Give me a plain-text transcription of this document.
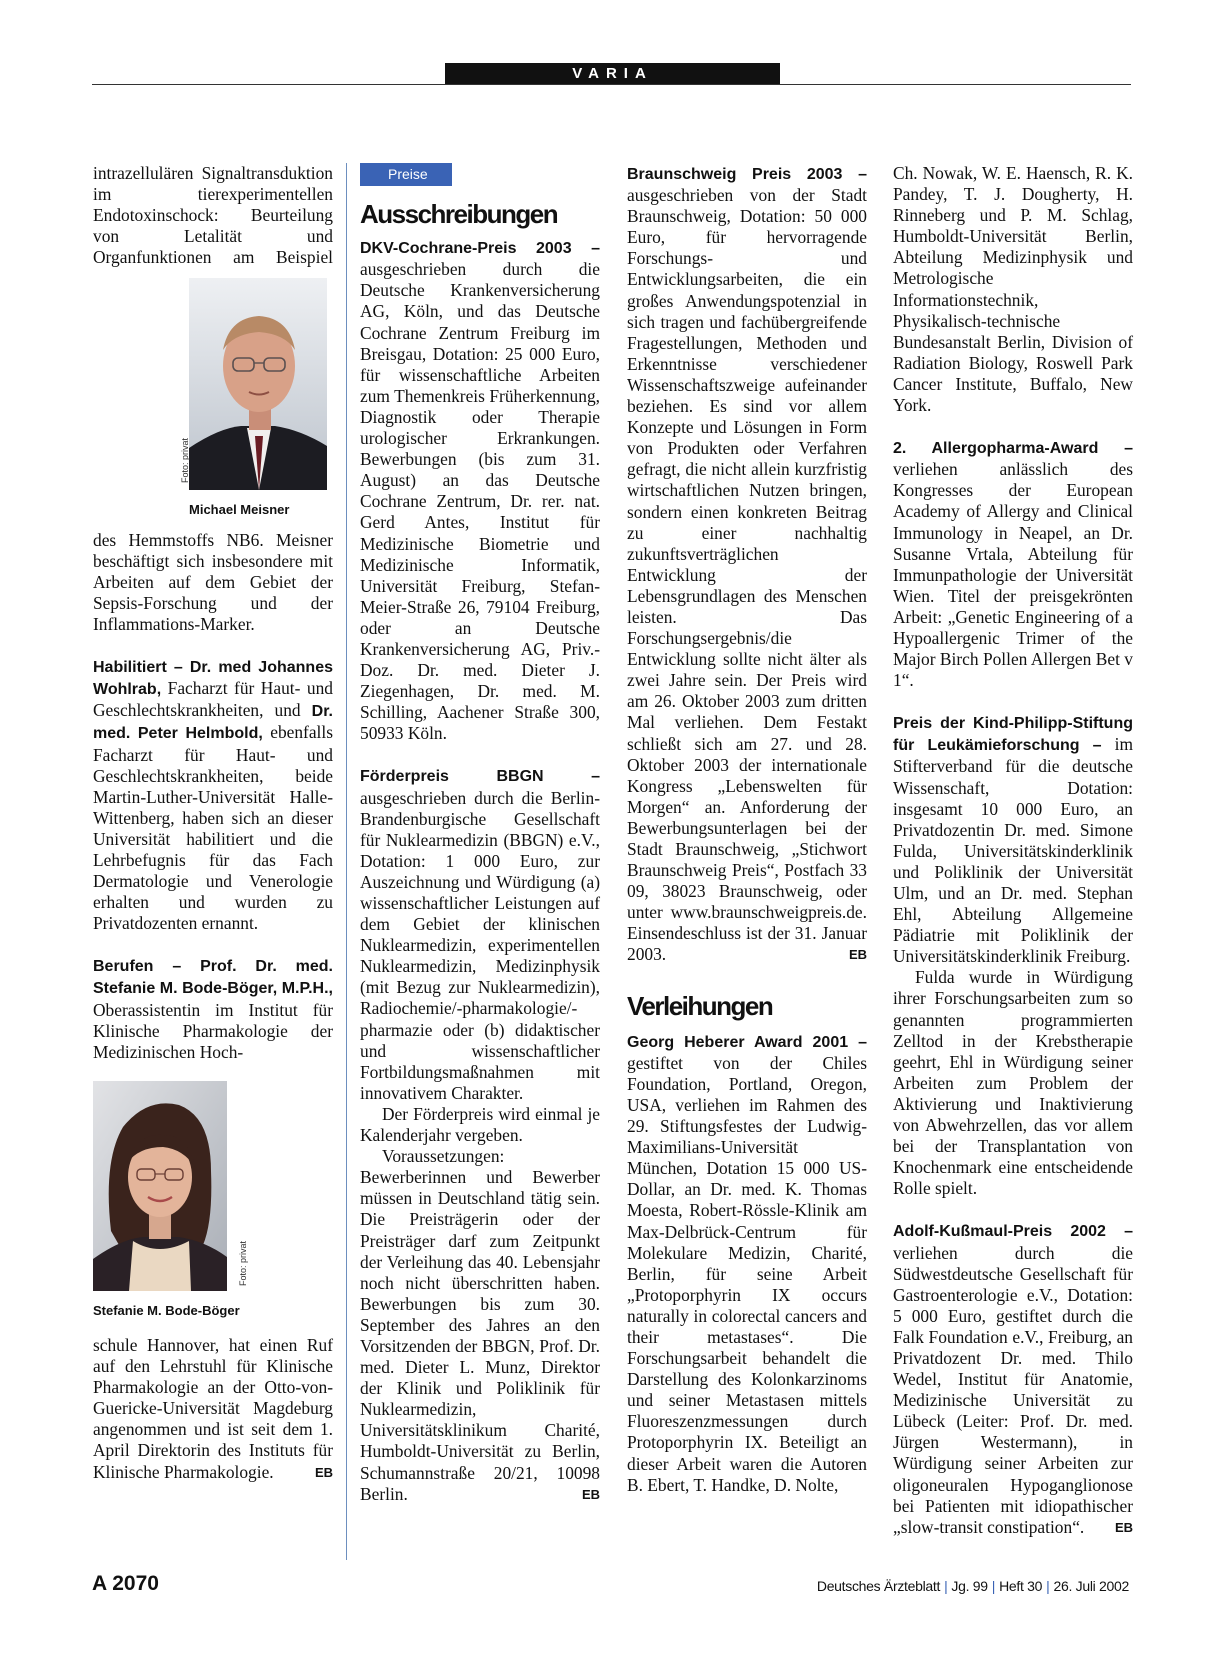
VARIA

intrazellulären Signaltransduktion im tierexperimentellen Endotoxinschock: Beurteilung von Letalität und Organfunktionen am Beispiel

Foto: privat
Michael Meisner

des Hemmstoffs NB6. Meisner beschäftigt sich insbesondere mit Arbeiten auf dem Gebiet der Sepsis-Forschung und der Inflammations-Marker.

Habilitiert – Dr. med Johannes Wohlrab, Facharzt für Haut- und Geschlechtskrankheiten, und Dr. med. Peter Helmbold, ebenfalls Facharzt für Haut- und Geschlechtskrankheiten, beide Martin-Luther-Universität Halle-Wittenberg, haben sich an dieser Universität habilitiert und die Lehrbefugnis für das Fach Dermatologie und Venerologie erhalten und wurden zu Privatdozenten ernannt.

Berufen – Prof. Dr. med. Stefanie M. Bode-Böger, M.P.H., Oberassistentin im Institut für Klinische Pharmakologie der Medizinischen Hoch-

Foto: privat
Stefanie M. Bode-Böger

schule Hannover, hat einen Ruf auf den Lehrstuhl für Klinische Pharmakologie an der Otto-von-Guericke-Universität Magdeburg angenommen und ist seit dem 1. April Direktorin des Instituts für Klinische Pharmakologie.	EB

Preise
Ausschreibungen

DKV-Cochrane-Preis 2003 – ausgeschrieben durch die Deutsche Krankenversicherung AG, Köln, und das Deutsche Cochrane Zentrum Freiburg im Breisgau, Dotation: 25 000 Euro, für wissenschaftliche Arbeiten zum Themenkreis Früherkennung, Diagnostik oder Therapie urologischer Erkrankungen. Bewerbungen (bis zum 31. August) an das Deutsche Cochrane Zentrum, Dr. rer. nat. Gerd Antes, Institut für Medizinische Biometrie und Medizinische Informatik, Universität Freiburg, Stefan-Meier-Straße 26, 79104 Freiburg, oder an Deutsche Krankenversicherung AG, Priv.-Doz. Dr. med. Dieter J. Ziegenhagen, Dr. med. M. Schilling, Aachener Straße 300, 50933 Köln.

Förderpreis BBGN – ausgeschrieben durch die Berlin-Brandenburgische Gesellschaft für Nuklearmedizin (BBGN) e.V., Dotation: 1 000 Euro, zur Auszeichnung und Würdigung (a) wissenschaftlicher Leistungen auf dem Gebiet der klinischen Nuklearmedizin, experimentellen Nuklearmedizin, Medizinphysik (mit Bezug zur Nuklearmedizin), Radiochemie/-pharmakologie/-pharmazie oder (b) didaktischer und wissenschaftlicher Fortbildungsmaßnahmen mit innovativem Charakter.

Der Förderpreis wird einmal je Kalenderjahr vergeben.

Voraussetzungen: Bewerberinnen und Bewerber müssen in Deutschland tätig sein. Die Preisträgerin oder der Preisträger darf zum Zeitpunkt der Verleihung das 40. Lebensjahr noch nicht überschritten haben. Bewerbungen bis zum 30. September des Jahres an den Vorsitzenden der BBGN, Prof. Dr. med. Dieter L. Munz, Direktor der Klinik und Poliklinik für Nuklearmedizin, Universitätsklinikum Charité, Humboldt-Universität zu Berlin, Schumannstraße 20/21, 10098 Berlin.	EB

Braunschweig Preis 2003 – ausgeschrieben von der Stadt Braunschweig, Dotation: 50 000 Euro, für hervorragende Forschungs- und Entwicklungsarbeiten, die ein großes Anwendungspotenzial in sich tragen und fachübergreifende Fragestellungen, Methoden und Erkenntnisse verschiedener Wissenschaftszweige aufeinander beziehen. Es sind vor allem Konzepte und Lösungen in Form von Produkten oder Verfahren gefragt, die nicht allein kurzfristig wirtschaftlichen Nutzen bringen, sondern einen konkreten Beitrag zu einer nachhaltig zukunftsverträglichen Entwicklung der Lebensgrundlagen des Menschen leisten. Das Forschungsergebnis/die Entwicklung sollte nicht älter als zwei Jahre sein. Der Preis wird am 26. Oktober 2003 zum dritten Mal verliehen. Dem Festakt schließt sich am 27. und 28. Oktober 2003 der internationale Kongress „Lebenswelten für Morgen“ an. Anforderung der Bewerbungsunterlagen bei der Stadt Braunschweig, „Stichwort Braunschweig Preis“, Postfach 33 09, 38023 Braunschweig, oder unter www.braunschweigpreis.de. Einsendeschluss ist der 31. Januar 2003.	EB

Verleihungen

Georg Heberer Award 2001 – gestiftet von der Chiles Foundation, Portland, Oregon, USA, verliehen im Rahmen des 29. Stiftungsfestes der Ludwig-Maximilians-Universität München, Dotation 15 000 US-Dollar, an Dr. med. K. Thomas Moesta, Robert-Rössle-Klinik am Max-Delbrück-Centrum für Molekulare Medizin, Charité, Berlin, für seine Arbeit „Protoporphyrin IX occurs naturally in colorectal cancers and their metastases“. Die Forschungsarbeit behandelt die Darstellung des Kolonkarzinoms und seiner Metastasen mittels Fluoreszenzmessungen durch Protoporphyrin IX. Beteiligt an dieser Arbeit waren die Autoren B. Ebert, T. Handke, D. Nolte,

Ch. Nowak, W. E. Haensch, R. K. Pandey, T. J. Dougherty, H. Rinneberg und P. M. Schlag, Humboldt-Universität Berlin, Abteilung Medizinphysik und Metrologische Informationstechnik, Physikalisch-technische Bundesanstalt Berlin, Division of Radiation Biology, Roswell Park Cancer Institute, Buffalo, New York.

2. Allergopharma-Award – verliehen anlässlich des Kongresses der European Academy of Allergy and Clinical Immunology in Neapel, an Dr. Susanne Vrtala, Abteilung für Immunpathologie der Universität Wien. Titel der preisgekrönten Arbeit: „Genetic Engineering of a Hypoallergenic Trimer of the Major Birch Pollen Allergen Bet v 1“.

Preis der Kind-Philipp-Stiftung für Leukämieforschung – im Stifterverband für die deutsche Wissenschaft, Dotation: insgesamt 10 000 Euro, an Privatdozentin Dr. med. Simone Fulda, Universitätskinderklinik und Poliklinik der Universität Ulm, und an Dr. med. Stephan Ehl, Abteilung Allgemeine Pädiatrie mit Poliklinik der Universitätskinderklinik Freiburg.

Fulda wurde in Würdigung ihrer Forschungsarbeiten zum so genannten programmierten Zelltod in der Krebstherapie geehrt, Ehl in Würdigung seiner Arbeiten zum Problem der Aktivierung und Inaktivierung von Abwehrzellen, das vor allem bei der Transplantation von Knochenmark eine entscheidende Rolle spielt.

Adolf-Kußmaul-Preis 2002 – verliehen durch die Südwestdeutsche Gesellschaft für Gastroenterologie e.V., Dotation: 5 000 Euro, gestiftet durch die Falk Foundation e.V., Freiburg, an Privatdozent Dr. med. Thilo Wedel, Institut für Anatomie, Medizinische Universität zu Lübeck (Leiter: Prof. Dr. med. Jürgen Westermann), in Würdigung seiner Arbeiten zur oligoneuralen Hypoganglionose bei Patienten mit idiopathischer „slow-transit constipation“. EB

A 2070	Deutsches Ärzteblatt | Jg. 99 | Heft 30 | 26. Juli 2002
